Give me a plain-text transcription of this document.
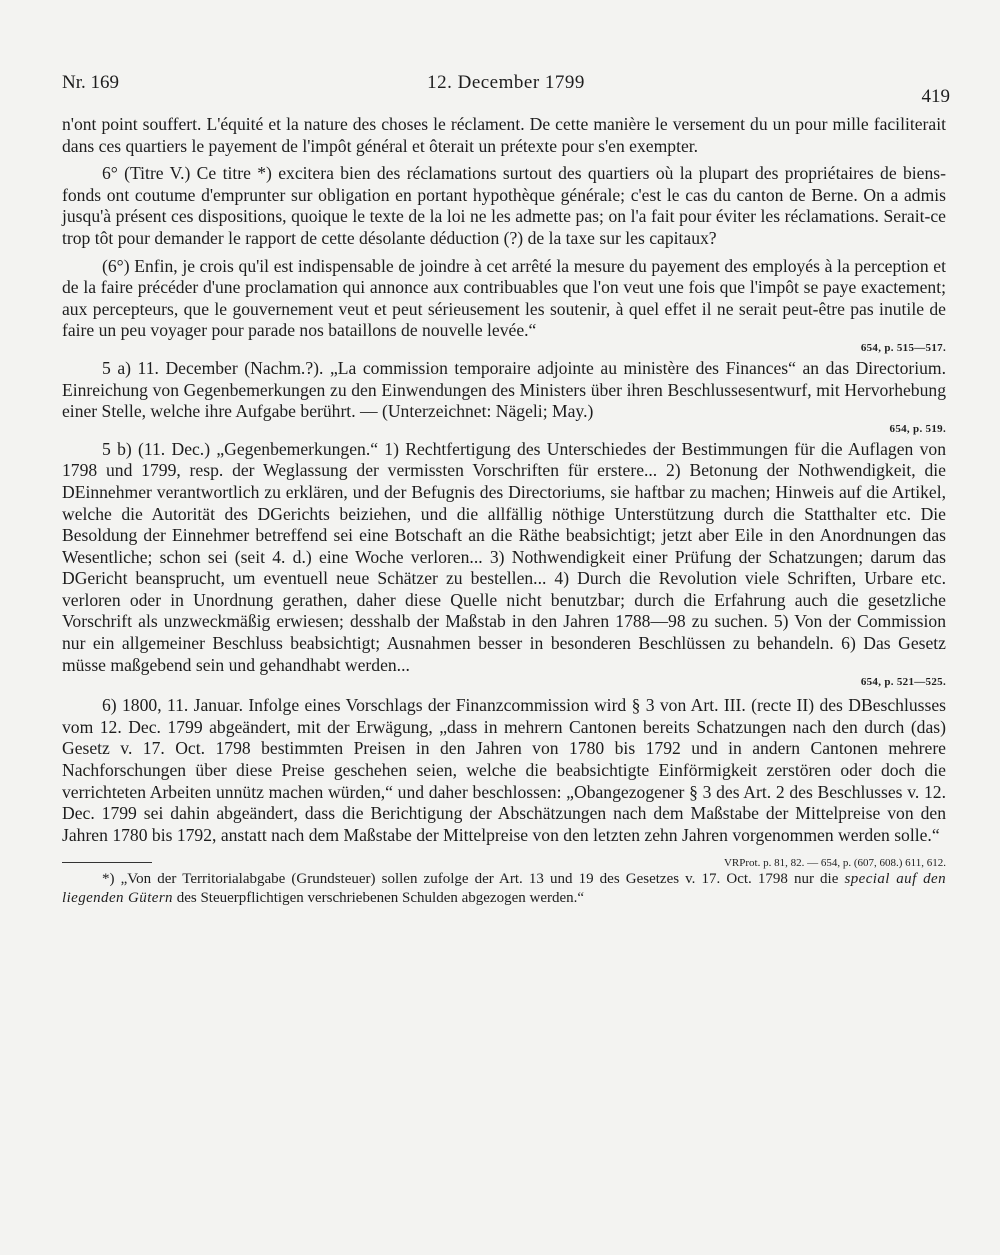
Nr. 169	12. December 1799
419

n'ont point souffert. L'équité et la nature des choses le réclament. De cette manière le versement du un pour mille faciliterait dans ces quartiers le payement de l'impôt général et ôterait un prétexte pour s'en exempter.

6° (Titre V.) Ce titre *) excitera bien des réclamations surtout des quartiers où la plupart des propriétaires de biens-fonds ont coutume d'emprunter sur obligation en portant hypothèque générale; c'est le cas du canton de Berne. On a admis jusqu'à présent ces dispositions, quoique le texte de la loi ne les admette pas; on l'a fait pour éviter les réclamations. Serait-ce trop tôt pour demander le rapport de cette désolante déduction (?) de la taxe sur les capitaux?

(6°) Enfin, je crois qu'il est indispensable de joindre à cet arrêté la mesure du payement des employés à la perception et de la faire précéder d'une proclamation qui annonce aux contribuables que l'on veut une fois que l'impôt se paye exactement; aux percepteurs, que le gouvernement veut et peut sérieusement les soutenir, à quel effet il ne serait peut-être pas inutile de faire un peu voyager pour parade nos bataillons de nouvelle levée.“

654, p. 515—517.

5 a) 11. December (Nachm.?). „La commission temporaire adjointe au ministère des Finances“ an das Directorium. Einreichung von Gegenbemerkungen zu den Einwendungen des Ministers über ihren Beschlussesentwurf, mit Hervorhebung einer Stelle, welche ihre Aufgabe berührt. — (Unterzeichnet: Nägeli; May.)

654, p. 519.

5 b) (11. Dec.) „Gegenbemerkungen.“ 1) Rechtfertigung des Unterschiedes der Bestimmungen für die Auflagen von 1798 und 1799, resp. der Weglassung der vermissten Vorschriften für erstere... 2) Betonung der Nothwendigkeit, die DEinnehmer verantwortlich zu erklären, und der Befugnis des Directoriums, sie haftbar zu machen; Hinweis auf die Artikel, welche die Autorität des DGerichts beiziehen, und die allfällig nöthige Unterstützung durch die Statthalter etc. Die Besoldung der Einnehmer betreffend sei eine Botschaft an die Räthe beabsichtigt; jetzt aber Eile in den Anordnungen das Wesentliche; schon sei (seit 4. d.) eine Woche verloren... 3) Nothwendigkeit einer Prüfung der Schatzungen; darum das DGericht beansprucht, um eventuell neue Schätzer zu bestellen... 4) Durch die Revolution viele Schriften, Urbare etc. verloren oder in Unordnung gerathen, daher diese Quelle nicht benutzbar; durch die Erfahrung auch die gesetzliche Vorschrift als unzweckmäßig erwiesen; desshalb der Maßstab in den Jahren 1788—98 zu suchen. 5) Von der Commission nur ein allgemeiner Beschluss beabsichtigt; Ausnahmen besser in besonderen Beschlüssen zu behandeln. 6) Das Gesetz müsse maßgebend sein und gehandhabt werden...

654, p. 521—525.

6) 1800, 11. Januar. Infolge eines Vorschlags der Finanzcommission wird § 3 von Art. III. (recte II) des DBeschlusses vom 12. Dec. 1799 abgeändert, mit der Erwägung, „dass in mehrern Cantonen bereits Schatzungen nach den durch (das) Gesetz v. 17. Oct. 1798 bestimmten Preisen in den Jahren von 1780 bis 1792 und in andern Cantonen mehrere Nachforschungen über diese Preise geschehen seien, welche die beabsichtigte Einförmigkeit zerstören oder doch die verrichteten Arbeiten unnütz machen würden,“ und daher beschlossen: „Obangezogener § 3 des Art. 2 des Beschlusses v. 12. Dec. 1799 sei dahin abgeändert, dass die Berichtigung der Abschätzungen nach dem Maßstabe der Mittelpreise von den Jahren 1780 bis 1792, anstatt nach dem Maßstabe der Mittelpreise von den letzten zehn Jahren vorgenommen werden solle.“

VRProt. p. 81, 82. — 654, p. (607, 608.) 611, 612.

*) „Von der Territorialabgabe (Grundsteuer) sollen zufolge der Art. 13 und 19 des Gesetzes v. 17. Oct. 1798 nur die special auf den liegenden Gütern des Steuerpflichtigen verschriebenen Schulden abgezogen werden.“
